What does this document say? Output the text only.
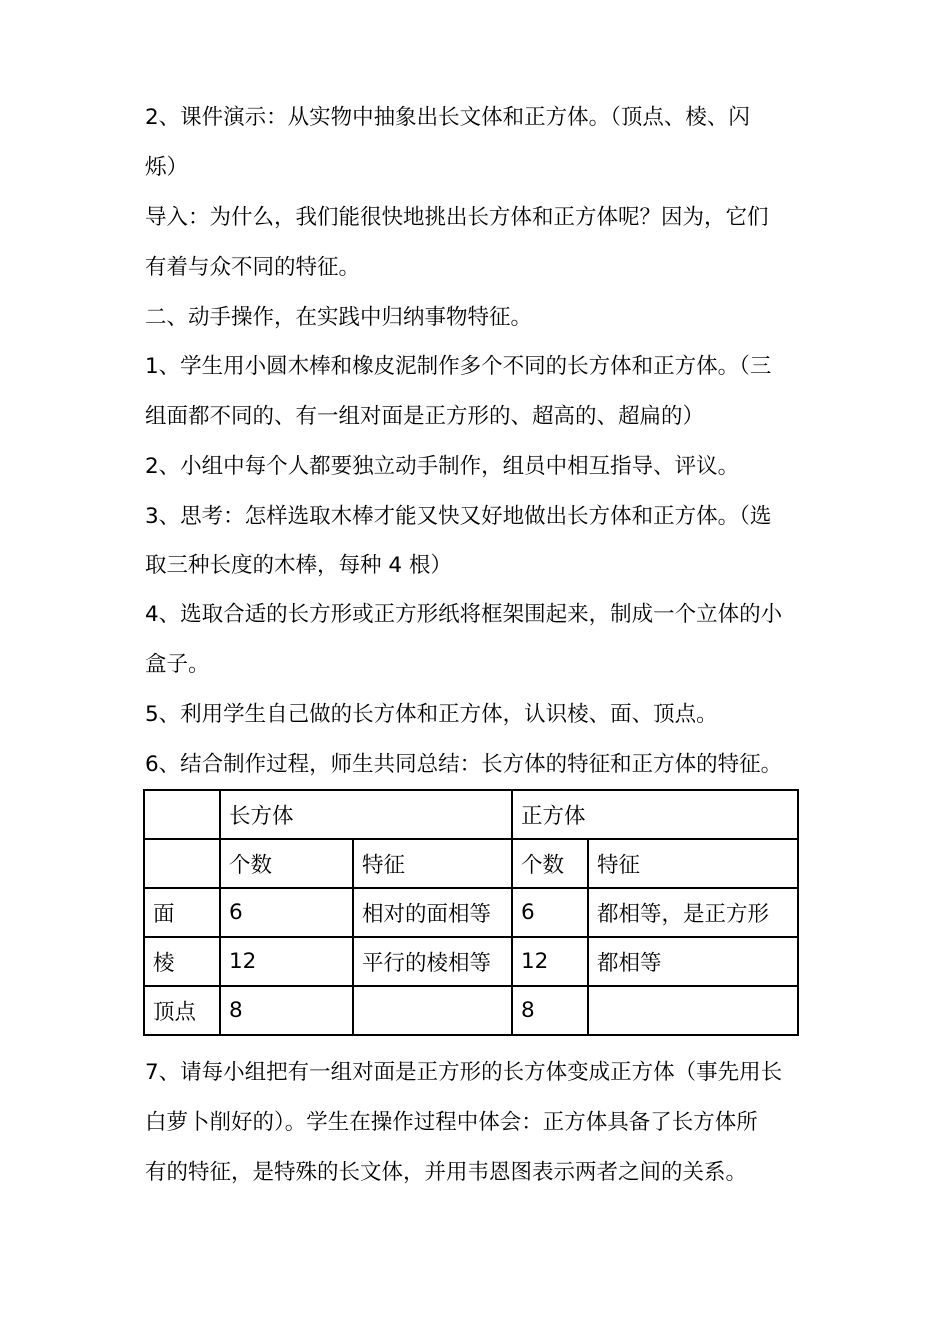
2、课件演示：从实物中抽象出长文体和正方体。（顶点、棱、闪
烁）
导入：为什么，我们能很快地挑出长方体和正方体呢？因为，它们
有着与众不同的特征。
二、动手操作，在实践中归纳事物特征。
1、学生用小圆木棒和橡皮泥制作多个不同的长方体和正方体。（三
组面都不同的、有一组对面是正方形的、超高的、超扁的）
2、小组中每个人都要独立动手制作，组员中相互指导、评议。
3、思考：怎样选取木棒才能又快又好地做出长方体和正方体。（选
取三种长度的木棒，每种 4 根）
4、选取合适的长方形或正方形纸将框架围起来，制成一个立体的小
盒子。
5、利用学生自己做的长方体和正方体，认识棱、面、顶点。
6、结合制作过程，师生共同总结：长方体的特征和正方体的特征。
	长方体		正方体	
	个数	特征	个数	特征
面	6	相对的面相等	6	都相等，是正方形
棱	12	平行的棱相等	12	都相等
顶点	8		8	
7、请每小组把有一组对面是正方形的长方体变成正方体（事先用长
白萝卜削好的）。学生在操作过程中体会：正方体具备了长方体所
有的特征，是特殊的长文体，并用韦恩图表示两者之间的关系。
